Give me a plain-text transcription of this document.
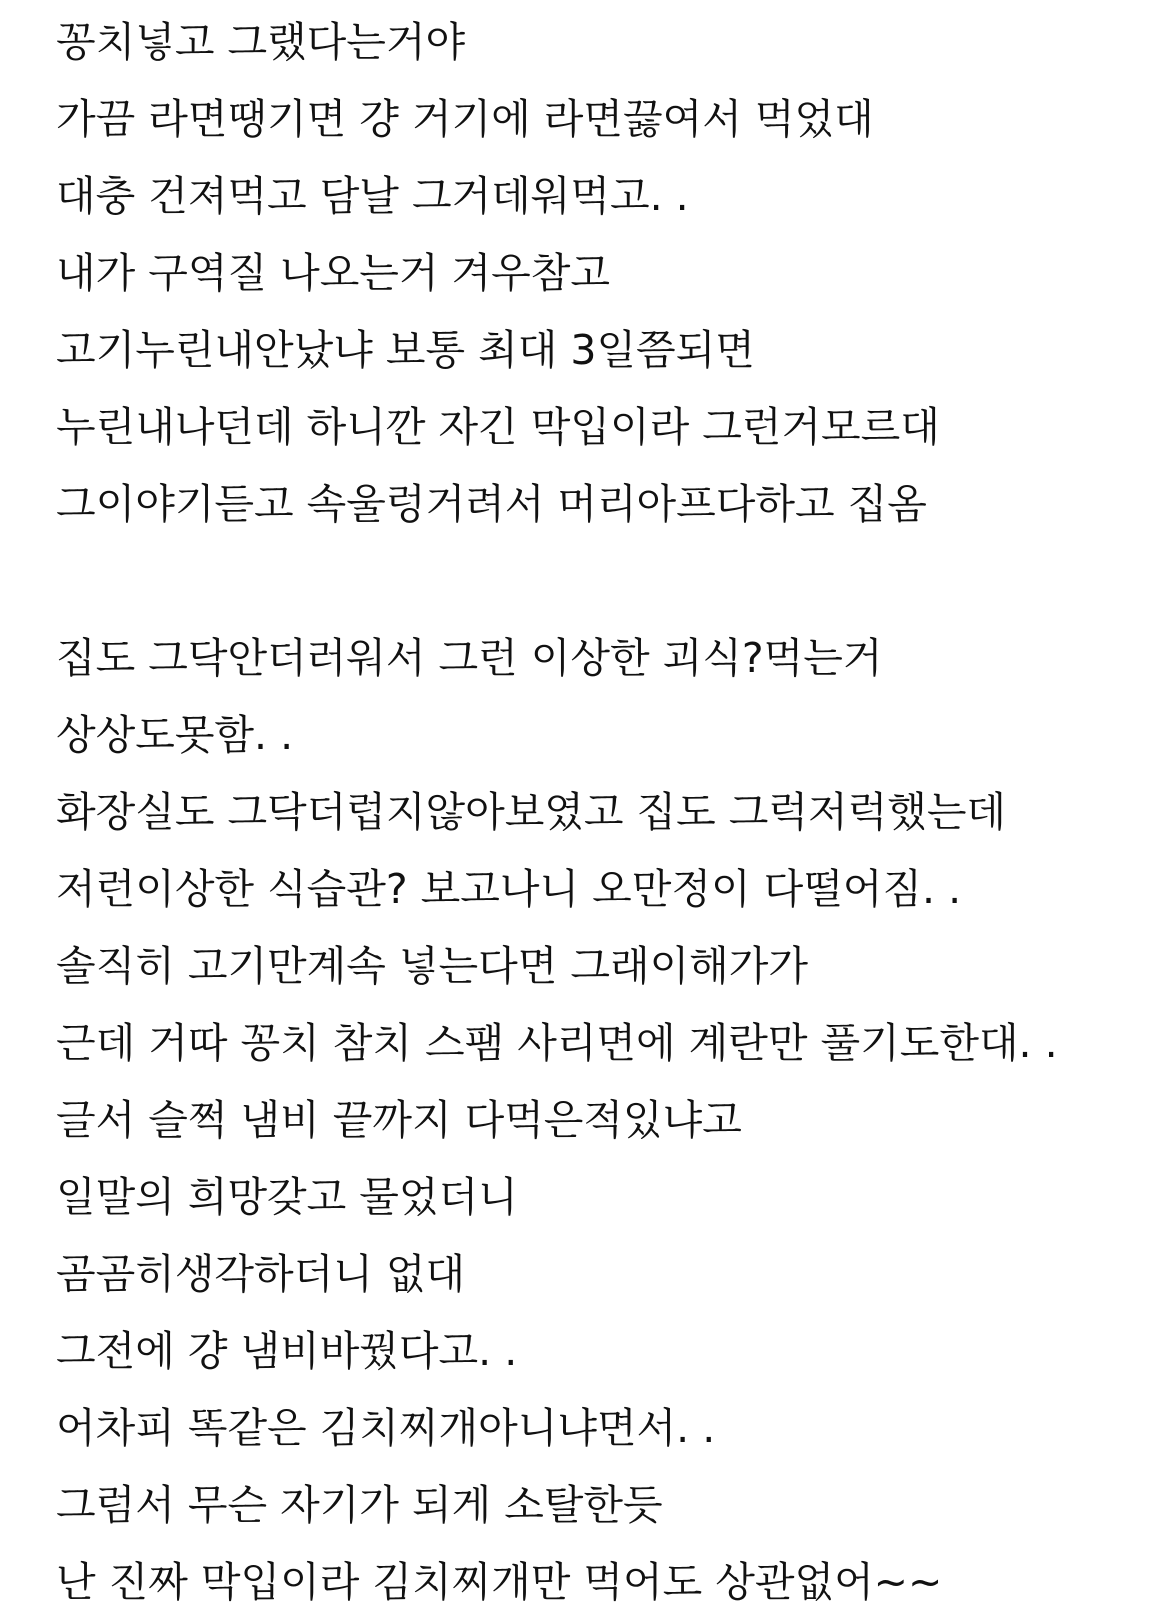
꽁치넣고 그랬다는거야
가끔 라면땡기면 걍 거기에 라면끓여서 먹었대
대충 건져먹고 담날 그거데워먹고. .
내가 구역질 나오는거 겨우참고
고기누린내안났냐 보통 최대 3일쯤되면
누린내나던데 하니깐 자긴 막입이라 그런거모르대
그이야기듣고 속울렁거려서 머리아프다하고 집옴
집도 그닥안더러워서 그런 이상한 괴식?먹는거
상상도못함. .
화장실도 그닥더럽지않아보였고 집도 그럭저럭했는데
저런이상한 식습관? 보고나니 오만정이 다떨어짐. .
솔직히 고기만계속 넣는다면 그래이해가가
근데 거따 꽁치 참치 스팸 사리면에 계란만 풀기도한대. .
글서 슬쩍 냄비 끝까지 다먹은적있냐고
일말의 희망갖고 물었더니
곰곰히생각하더니 없대
그전에 걍 냄비바꿨다고. .
어차피 똑같은 김치찌개아니냐면서. .
그럼서 무슨 자기가 되게 소탈한듯
난 진짜 막입이라 김치찌개만 먹어도 상관없어~~
